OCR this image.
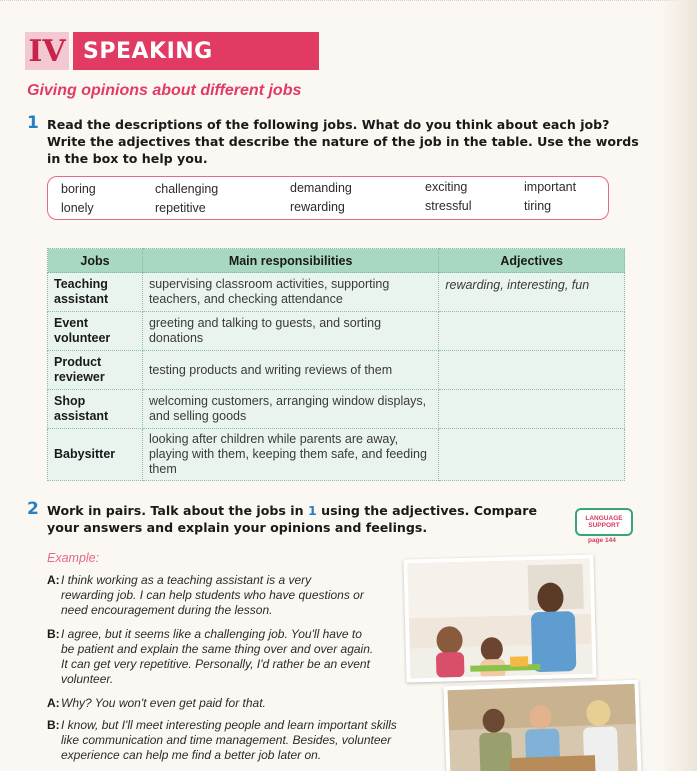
IV SPEAKING
Giving opinions about different jobs
1 Read the descriptions of the following jobs. What do you think about each job? Write the adjectives that describe the nature of the job in the table. Use the words in the box to help you.
boring	challenging	demanding	exciting	important
lonely	repetitive	rewarding	stressful	tiring
Jobs	Main responsibilities	Adjectives
Teaching assistant	supervising classroom activities, supporting teachers, and checking attendance	rewarding, interesting, fun
Event volunteer	greeting and talking to guests, and sorting donations	
Product reviewer	testing products and writing reviews of them	
Shop assistant	welcoming customers, arranging window displays, and selling goods	
Babysitter	looking after children while parents are away, playing with them, keeping them safe, and feeding them	
2 Work in pairs. Talk about the jobs in 1 using the adjectives. Compare your answers and explain your opinions and feelings.
LANGUAGE
SUPPORT
page 144
Example:
A: I think working as a teaching assistant is a very rewarding job. I can help students who have questions or need encouragement during the lesson.
B: I agree, but it seems like a challenging job. You'll have to be patient and explain the same thing over and over again. It can get very repetitive. Personally, I'd rather be an event volunteer.
A: Why? You won't even get paid for that.
B: I know, but I'll meet interesting people and learn important skills like communication and time management. Besides, volunteer experience can help me find a better job later on.
